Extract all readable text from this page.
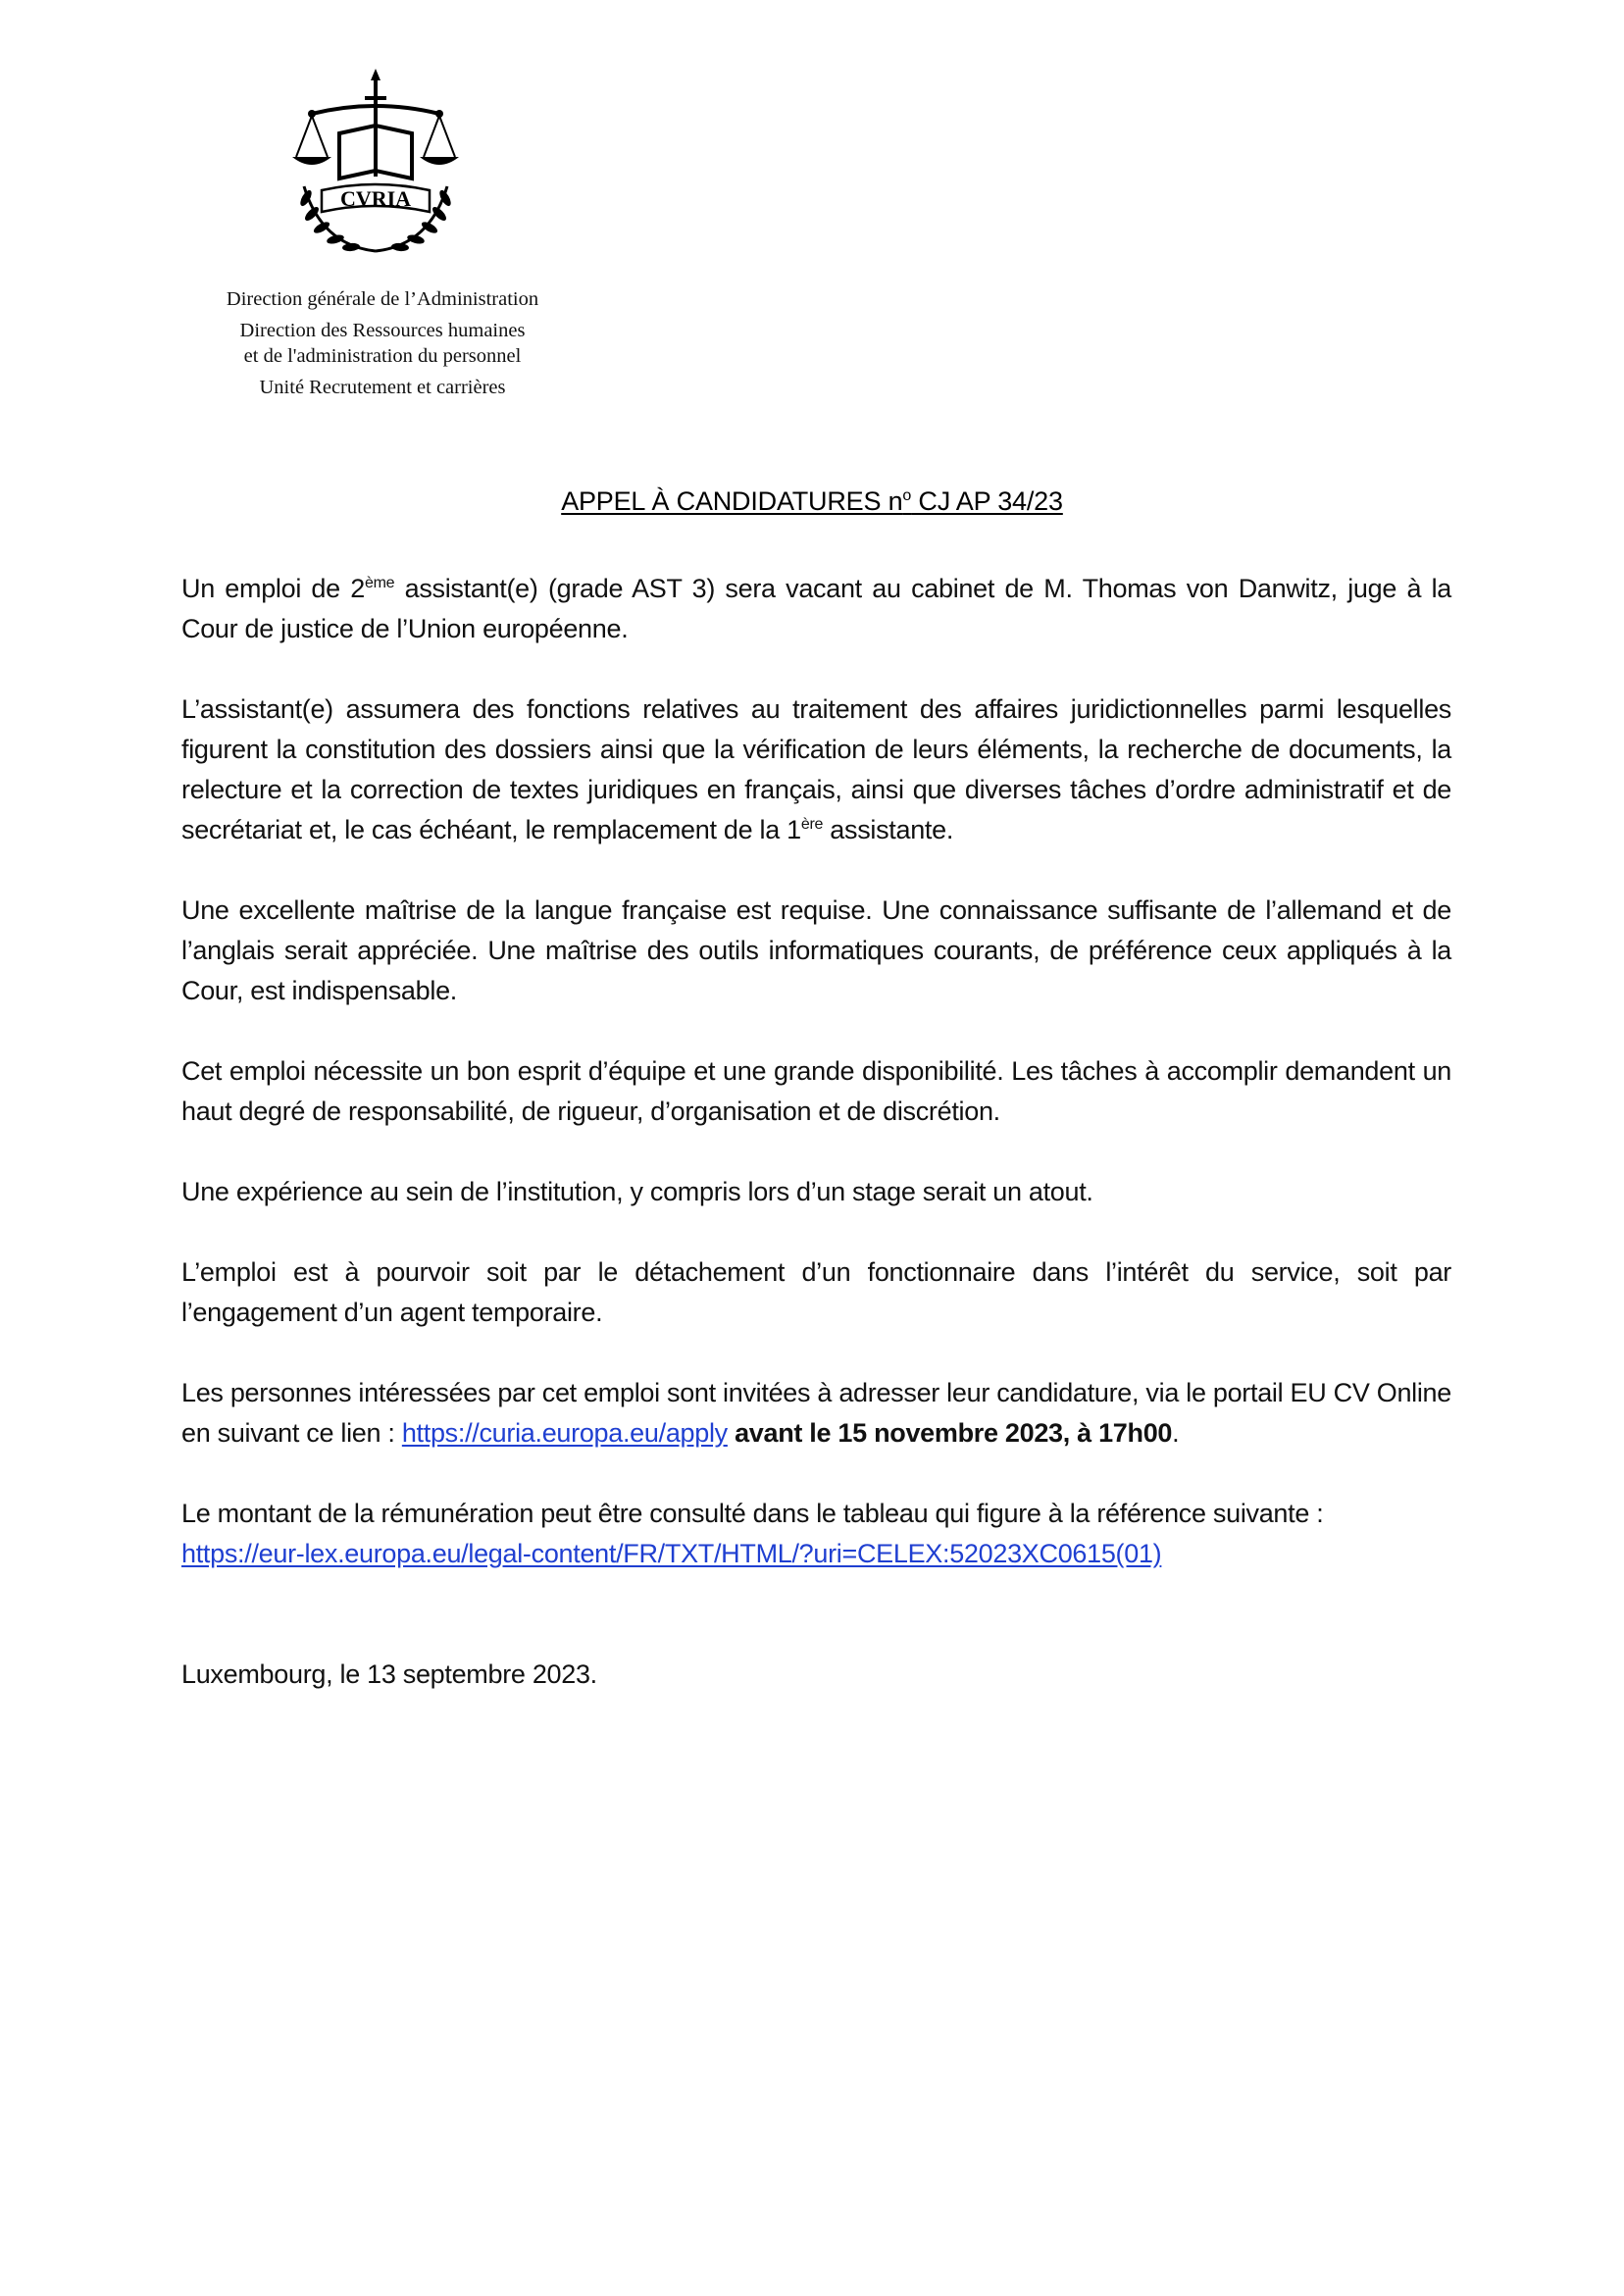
CVRIA
Direction générale de l’Administration
Direction des Ressources humaines
et de l'administration du personnel
Unité Recrutement et carrières
APPEL À CANDIDATURES $n^o$ CJ AP 34/23

Un emploi de 2ème assistant(e) (grade AST 3) sera vacant au cabinet de M. Thomas von Danwitz, juge à la Cour de justice de l’Union européenne.

L’assistant(e) assumera des fonctions relatives au traitement des affaires juridictionnelles parmi lesquelles figurent la constitution des dossiers ainsi que la vérification de leurs éléments, la recherche de documents, la relecture et la correction de textes juridiques en français, ainsi que diverses tâches d’ordre administratif et de secrétariat et, le cas échéant, le remplacement de la 1ère assistante.

Une excellente maîtrise de la langue française est requise. Une connaissance suffisante de l’allemand et de l’anglais serait appréciée. Une maîtrise des outils informatiques courants, de préférence ceux appliqués à la Cour, est indispensable.

Cet emploi nécessite un bon esprit d’équipe et une grande disponibilité. Les tâches à accomplir demandent un haut degré de responsabilité, de rigueur, d’organisation et de discrétion.

Une expérience au sein de l’institution, y compris lors d’un stage serait un atout.

L’emploi est à pourvoir soit par le détachement d’un fonctionnaire dans l’intérêt du service, soit par l’engagement d’un agent temporaire.

Les personnes intéressées par cet emploi sont invitées à adresser leur candidature, via le portail EU CV Online en suivant ce lien : https://curia.europa.eu/apply avant le 15 novembre 2023, à 17h00.

Le montant de la rémunération peut être consulté dans le tableau qui figure à la référence suivante : https://eur-lex.europa.eu/legal-content/FR/TXT/HTML/?uri=CELEX:52023XC0615(01)

Luxembourg, le 13 septembre 2023.
